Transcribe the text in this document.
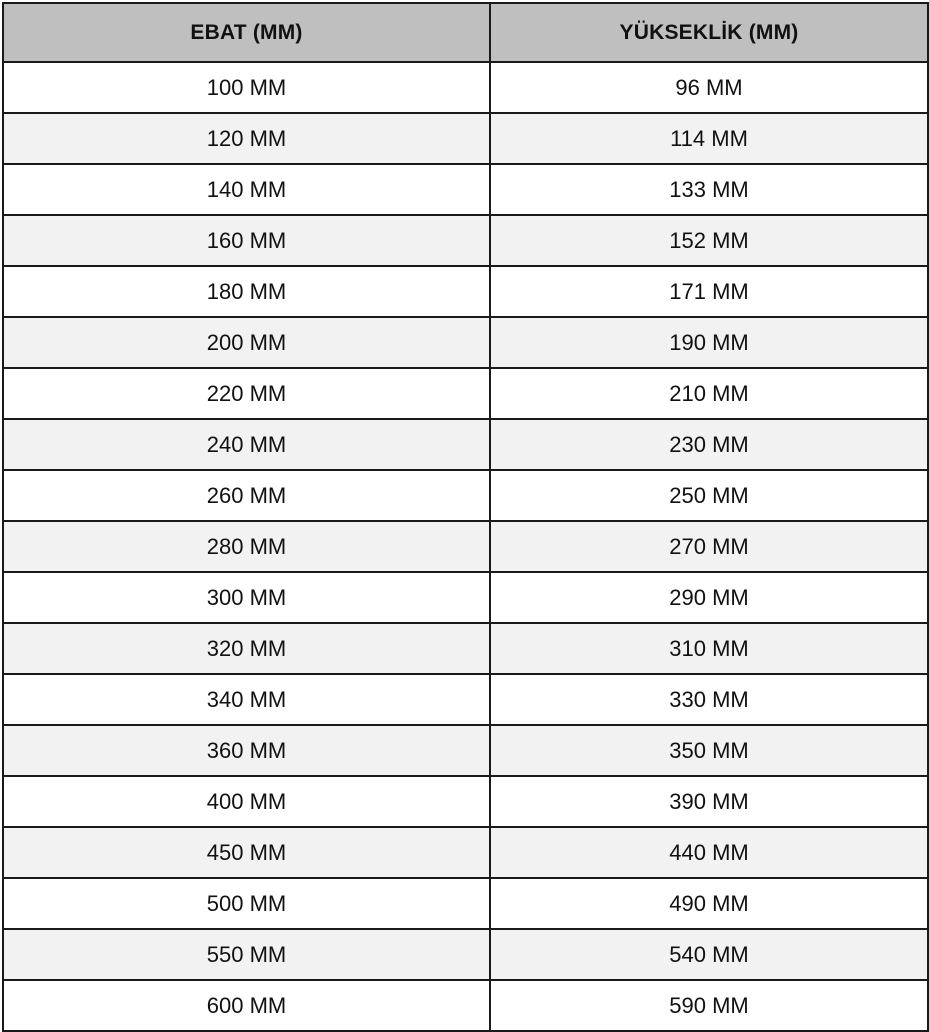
EBAT (MM)	YÜKSEKLİK (MM)
100 MM	96 MM
120 MM	114 MM
140 MM	133 MM
160 MM	152 MM
180 MM	171 MM
200 MM	190 MM
220 MM	210 MM
240 MM	230 MM
260 MM	250 MM
280 MM	270 MM
300 MM	290 MM
320 MM	310 MM
340 MM	330 MM
360 MM	350 MM
400 MM	390 MM
450 MM	440 MM
500 MM	490 MM
550 MM	540 MM
600 MM	590 MM
